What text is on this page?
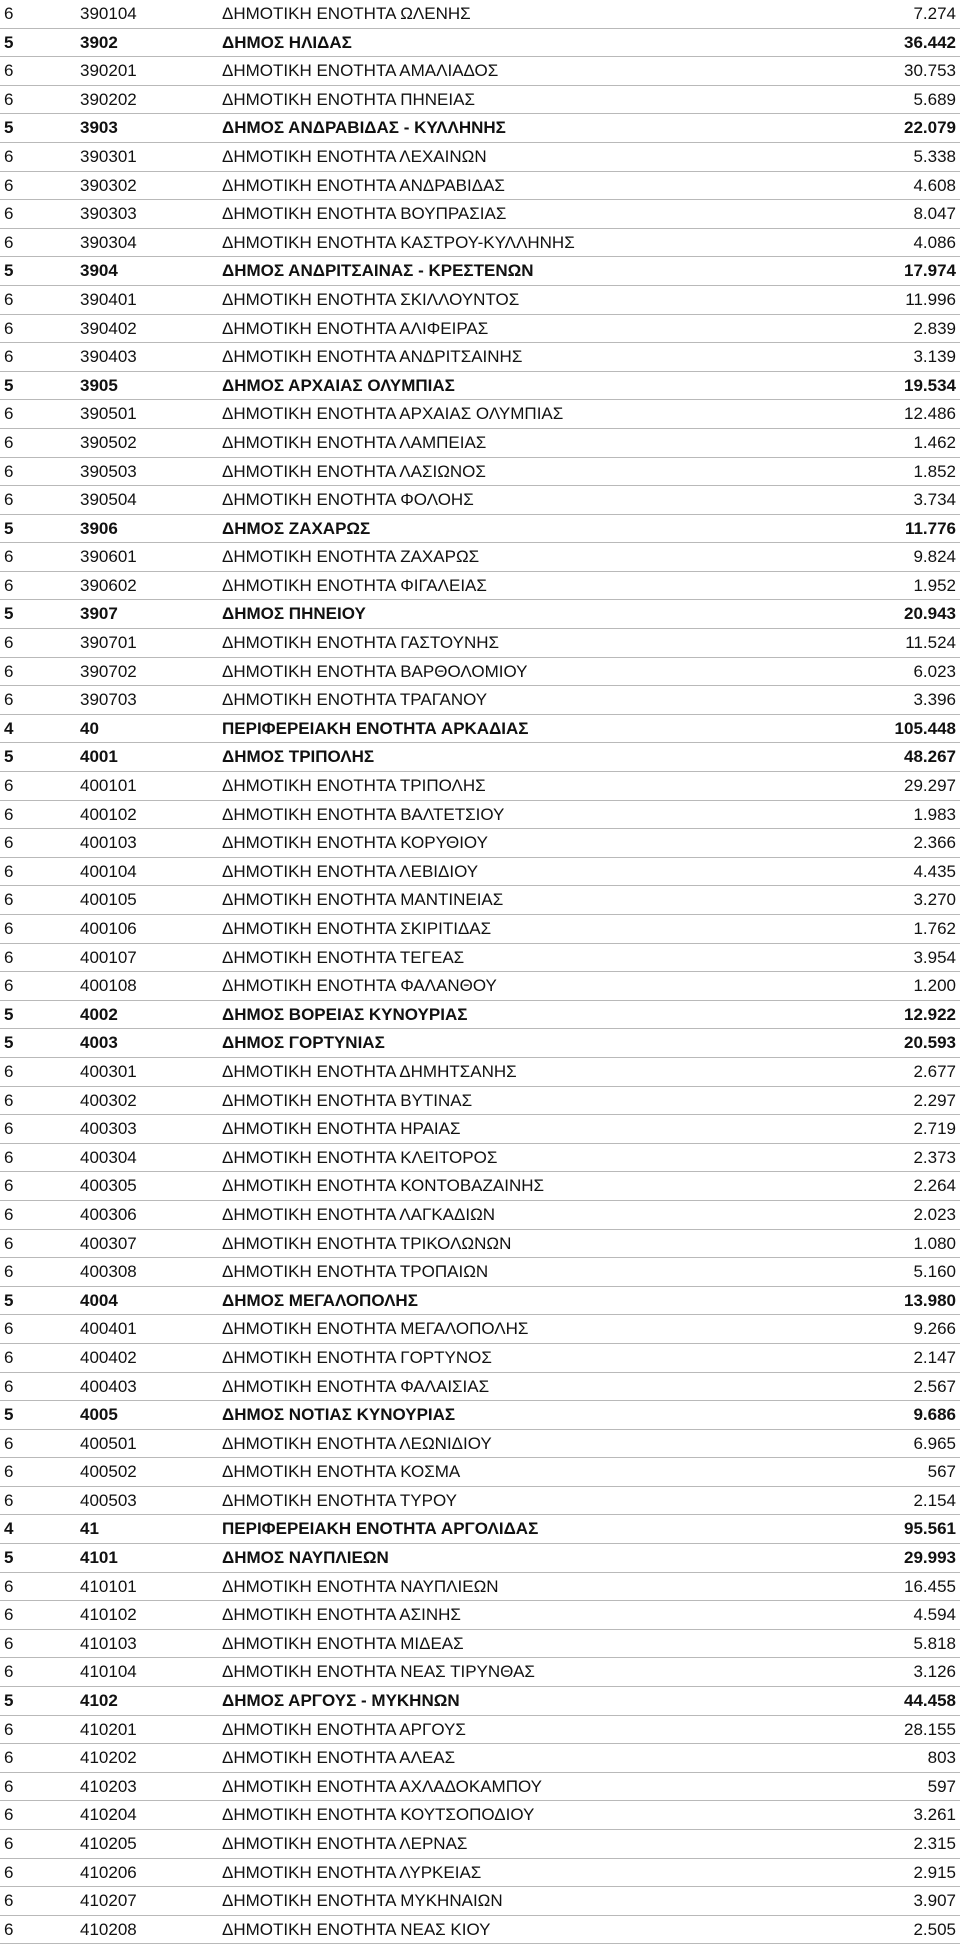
6	390104	ΔΗΜΟΤΙΚΗ ΕΝΟΤΗΤΑ ΩΛΕΝΗΣ	7.274
5	3902	ΔΗΜΟΣ ΗΛΙΔΑΣ	36.442
6	390201	ΔΗΜΟΤΙΚΗ ΕΝΟΤΗΤΑ ΑΜΑΛΙΑΔΟΣ	30.753
6	390202	ΔΗΜΟΤΙΚΗ ΕΝΟΤΗΤΑ ΠΗΝΕΙΑΣ	5.689
5	3903	ΔΗΜΟΣ ΑΝΔΡΑΒΙΔΑΣ - ΚΥΛΛΗΝΗΣ	22.079
6	390301	ΔΗΜΟΤΙΚΗ ΕΝΟΤΗΤΑ ΛΕΧΑΙΝΩΝ	5.338
6	390302	ΔΗΜΟΤΙΚΗ ΕΝΟΤΗΤΑ ΑΝΔΡΑΒΙΔΑΣ	4.608
6	390303	ΔΗΜΟΤΙΚΗ ΕΝΟΤΗΤΑ ΒΟΥΠΡΑΣΙΑΣ	8.047
6	390304	ΔΗΜΟΤΙΚΗ ΕΝΟΤΗΤΑ ΚΑΣΤΡΟΥ-ΚΥΛΛΗΝΗΣ	4.086
5	3904	ΔΗΜΟΣ ΑΝΔΡΙΤΣΑΙΝΑΣ - ΚΡΕΣΤΕΝΩΝ	17.974
6	390401	ΔΗΜΟΤΙΚΗ ΕΝΟΤΗΤΑ ΣΚΙΛΛΟΥΝΤΟΣ	11.996
6	390402	ΔΗΜΟΤΙΚΗ ΕΝΟΤΗΤΑ ΑΛΙΦΕΙΡΑΣ	2.839
6	390403	ΔΗΜΟΤΙΚΗ ΕΝΟΤΗΤΑ ΑΝΔΡΙΤΣΑΙΝΗΣ	3.139
5	3905	ΔΗΜΟΣ ΑΡΧΑΙΑΣ ΟΛΥΜΠΙΑΣ	19.534
6	390501	ΔΗΜΟΤΙΚΗ ΕΝΟΤΗΤΑ ΑΡΧΑΙΑΣ ΟΛΥΜΠΙΑΣ	12.486
6	390502	ΔΗΜΟΤΙΚΗ ΕΝΟΤΗΤΑ ΛΑΜΠΕΙΑΣ	1.462
6	390503	ΔΗΜΟΤΙΚΗ ΕΝΟΤΗΤΑ ΛΑΣΙΩΝΟΣ	1.852
6	390504	ΔΗΜΟΤΙΚΗ ΕΝΟΤΗΤΑ ΦΟΛΟΗΣ	3.734
5	3906	ΔΗΜΟΣ ΖΑΧΑΡΩΣ	11.776
6	390601	ΔΗΜΟΤΙΚΗ ΕΝΟΤΗΤΑ ΖΑΧΑΡΩΣ	9.824
6	390602	ΔΗΜΟΤΙΚΗ ΕΝΟΤΗΤΑ ΦΙΓΑΛΕΙΑΣ	1.952
5	3907	ΔΗΜΟΣ ΠΗΝΕΙΟΥ	20.943
6	390701	ΔΗΜΟΤΙΚΗ ΕΝΟΤΗΤΑ ΓΑΣΤΟΥΝΗΣ	11.524
6	390702	ΔΗΜΟΤΙΚΗ ΕΝΟΤΗΤΑ ΒΑΡΘΟΛΟΜΙΟΥ	6.023
6	390703	ΔΗΜΟΤΙΚΗ ΕΝΟΤΗΤΑ ΤΡΑΓΑΝΟΥ	3.396
4	40	ΠΕΡΙΦΕΡΕΙΑΚΗ ΕΝΟΤΗΤΑ ΑΡΚΑΔΙΑΣ	105.448
5	4001	ΔΗΜΟΣ ΤΡΙΠΟΛΗΣ	48.267
6	400101	ΔΗΜΟΤΙΚΗ ΕΝΟΤΗΤΑ ΤΡΙΠΟΛΗΣ	29.297
6	400102	ΔΗΜΟΤΙΚΗ ΕΝΟΤΗΤΑ ΒΑΛΤΕΤΣΙΟΥ	1.983
6	400103	ΔΗΜΟΤΙΚΗ ΕΝΟΤΗΤΑ ΚΟΡΥΘΙΟΥ	2.366
6	400104	ΔΗΜΟΤΙΚΗ ΕΝΟΤΗΤΑ ΛΕΒΙΔΙΟΥ	4.435
6	400105	ΔΗΜΟΤΙΚΗ ΕΝΟΤΗΤΑ ΜΑΝΤΙΝΕΙΑΣ	3.270
6	400106	ΔΗΜΟΤΙΚΗ ΕΝΟΤΗΤΑ ΣΚΙΡΙΤΙΔΑΣ	1.762
6	400107	ΔΗΜΟΤΙΚΗ ΕΝΟΤΗΤΑ ΤΕΓΕΑΣ	3.954
6	400108	ΔΗΜΟΤΙΚΗ ΕΝΟΤΗΤΑ ΦΑΛΑΝΘΟΥ	1.200
5	4002	ΔΗΜΟΣ ΒΟΡΕΙΑΣ ΚΥΝΟΥΡΙΑΣ	12.922
5	4003	ΔΗΜΟΣ ΓΟΡΤΥΝΙΑΣ	20.593
6	400301	ΔΗΜΟΤΙΚΗ ΕΝΟΤΗΤΑ ΔΗΜΗΤΣΑΝΗΣ	2.677
6	400302	ΔΗΜΟΤΙΚΗ ΕΝΟΤΗΤΑ ΒΥΤΙΝΑΣ	2.297
6	400303	ΔΗΜΟΤΙΚΗ ΕΝΟΤΗΤΑ ΗΡΑΙΑΣ	2.719
6	400304	ΔΗΜΟΤΙΚΗ ΕΝΟΤΗΤΑ ΚΛΕΙΤΟΡΟΣ	2.373
6	400305	ΔΗΜΟΤΙΚΗ ΕΝΟΤΗΤΑ ΚΟΝΤΟΒΑΖΑΙΝΗΣ	2.264
6	400306	ΔΗΜΟΤΙΚΗ ΕΝΟΤΗΤΑ ΛΑΓΚΑΔΙΩΝ	2.023
6	400307	ΔΗΜΟΤΙΚΗ ΕΝΟΤΗΤΑ ΤΡΙΚΟΛΩΝΩΝ	1.080
6	400308	ΔΗΜΟΤΙΚΗ ΕΝΟΤΗΤΑ ΤΡΟΠΑΙΩΝ	5.160
5	4004	ΔΗΜΟΣ ΜΕΓΑΛΟΠΟΛΗΣ	13.980
6	400401	ΔΗΜΟΤΙΚΗ ΕΝΟΤΗΤΑ ΜΕΓΑΛΟΠΟΛΗΣ	9.266
6	400402	ΔΗΜΟΤΙΚΗ ΕΝΟΤΗΤΑ ΓΟΡΤΥΝΟΣ	2.147
6	400403	ΔΗΜΟΤΙΚΗ ΕΝΟΤΗΤΑ ΦΑΛΑΙΣΙΑΣ	2.567
5	4005	ΔΗΜΟΣ ΝΟΤΙΑΣ ΚΥΝΟΥΡΙΑΣ	9.686
6	400501	ΔΗΜΟΤΙΚΗ ΕΝΟΤΗΤΑ ΛΕΩΝΙΔΙΟΥ	6.965
6	400502	ΔΗΜΟΤΙΚΗ ΕΝΟΤΗΤΑ ΚΟΣΜΑ	567
6	400503	ΔΗΜΟΤΙΚΗ ΕΝΟΤΗΤΑ ΤΥΡΟΥ	2.154
4	41	ΠΕΡΙΦΕΡΕΙΑΚΗ ΕΝΟΤΗΤΑ ΑΡΓΟΛΙΔΑΣ	95.561
5	4101	ΔΗΜΟΣ ΝΑΥΠΛΙΕΩΝ	29.993
6	410101	ΔΗΜΟΤΙΚΗ ΕΝΟΤΗΤΑ ΝΑΥΠΛΙΕΩΝ	16.455
6	410102	ΔΗΜΟΤΙΚΗ ΕΝΟΤΗΤΑ ΑΣΙΝΗΣ	4.594
6	410103	ΔΗΜΟΤΙΚΗ ΕΝΟΤΗΤΑ ΜΙΔΕΑΣ	5.818
6	410104	ΔΗΜΟΤΙΚΗ ΕΝΟΤΗΤΑ ΝΕΑΣ ΤΙΡΥΝΘΑΣ	3.126
5	4102	ΔΗΜΟΣ ΑΡΓΟΥΣ - ΜΥΚΗΝΩΝ	44.458
6	410201	ΔΗΜΟΤΙΚΗ ΕΝΟΤΗΤΑ ΑΡΓΟΥΣ	28.155
6	410202	ΔΗΜΟΤΙΚΗ ΕΝΟΤΗΤΑ ΑΛΕΑΣ	803
6	410203	ΔΗΜΟΤΙΚΗ ΕΝΟΤΗΤΑ ΑΧΛΑΔΟΚΑΜΠΟΥ	597
6	410204	ΔΗΜΟΤΙΚΗ ΕΝΟΤΗΤΑ ΚΟΥΤΣΟΠΟΔΙΟΥ	3.261
6	410205	ΔΗΜΟΤΙΚΗ ΕΝΟΤΗΤΑ ΛΕΡΝΑΣ	2.315
6	410206	ΔΗΜΟΤΙΚΗ ΕΝΟΤΗΤΑ ΛΥΡΚΕΙΑΣ	2.915
6	410207	ΔΗΜΟΤΙΚΗ ΕΝΟΤΗΤΑ ΜΥΚΗΝΑΙΩΝ	3.907
6	410208	ΔΗΜΟΤΙΚΗ ΕΝΟΤΗΤΑ ΝΕΑΣ ΚΙΟΥ	2.505
